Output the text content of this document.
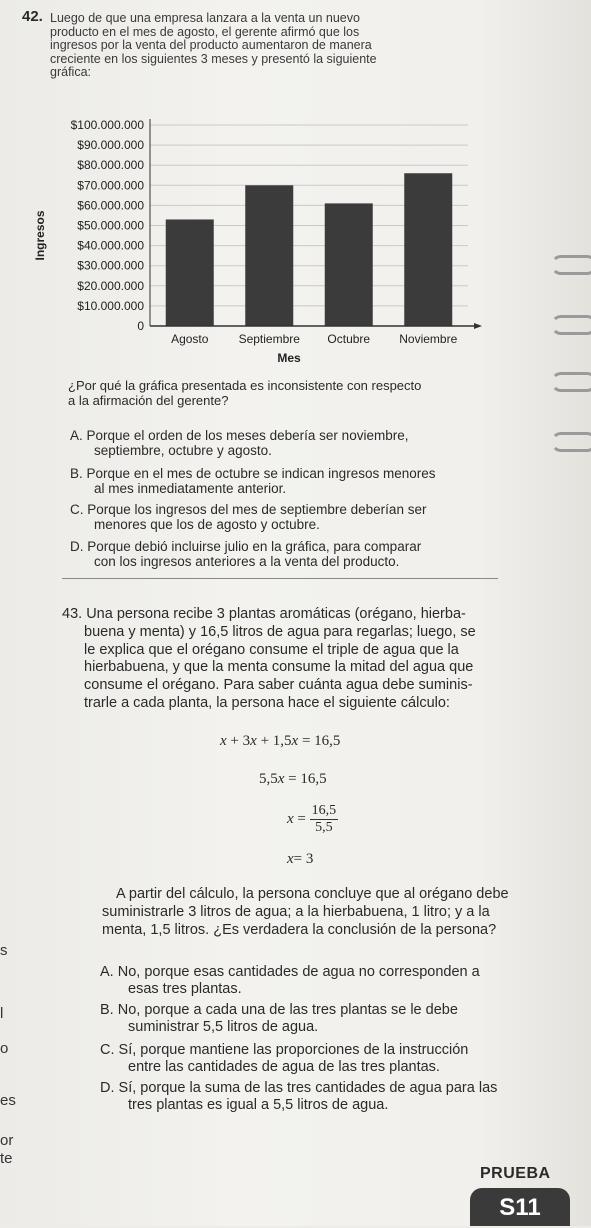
42. Luego de que una empresa lanzara a la venta un nuevo

producto en el mes de agosto, el gerente afirmó que los

ingresos por la venta del producto aumentaron de manera

creciente en los siguientes 3 meses y presentó la siguiente

gráfica:

0
$10.000.000
$20.000.000
$30.000.000
$40.000.000
$50.000.000
$60.000.000
$70.000.000
$80.000.000
$90.000.000
$100.000.000
Agosto	Septiembre Octubre Noviembre
Mes
Ingresos
¿Por qué la gráfica presentada es inconsistente con respecto
a la afirmación del gerente?
A. Porque el orden de los meses debería ser noviembre,
septiembre, octubre y agosto.
B. Porque en el mes de octubre se indican ingresos menores
al mes inmediatamente anterior.
C. Porque los ingresos del mes de septiembre deberían ser
menores que los de agosto y octubre.
D. Porque debió incluirse julio en la gráfica, para comparar
con los ingresos anteriores a la venta del producto.
43. Una persona recibe 3 plantas aromáticas (orégano, hierba-
buena y menta) y 16,5 litros de agua para regarlas; luego, se
le explica que el orégano consume el triple de agua que la
hierbabuena, y que la menta consume la mitad del agua que
consume el orégano. Para saber cuánta agua debe suminis-
trarle a cada planta, la persona hace el siguiente cálculo:
x + 3x + 1,5x = 16,5
5,5x = 16,5
$x = \frac{16,5}{5,5}$
x= 3
A partir del cálculo, la persona concluye que al orégano debe
suministrarle 3 litros de agua; a la hierbabuena, 1 litro; y a la
menta, 1,5 litros. ¿Es verdadera la conclusión de la persona?
A. No, porque esas cantidades de agua no corresponden a
esas tres plantas.
B. No, porque a cada una de las tres plantas se le debe
suministrar 5,5 litros de agua.
C. Sí, porque mantiene las proporciones de la instrucción
entre las cantidades de agua de las tres plantas.
D. Sí, porque la suma de las tres cantidades de agua para las
tres plantas es igual a 5,5 litros de agua.
l
o
es
or
te
s
PRUEBA
S11
